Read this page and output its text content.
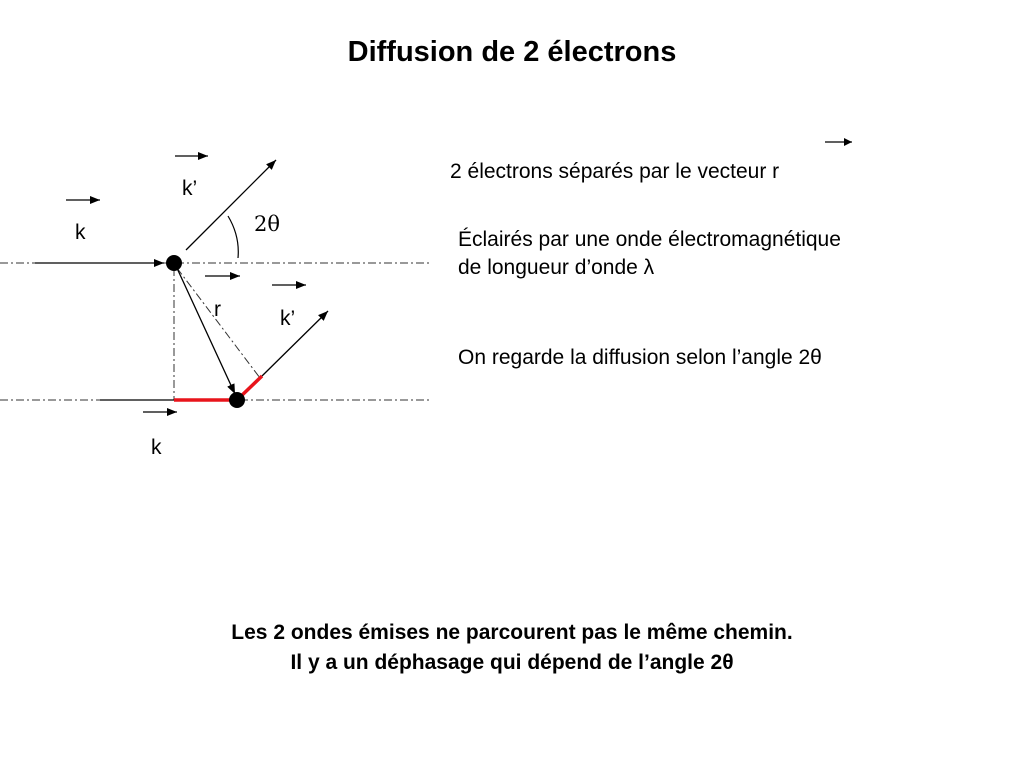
Diffusion de 2 électrons
k
k’
2θ
r	k’
k
2 électrons séparés par le vecteur r
Éclairés par une onde électromagnétique
de longueur d’onde λ
On regarde la diffusion selon l’angle 2θ
Les 2 ondes émises ne parcourent pas le même chemin.
Il y a un déphasage qui dépend de l’angle 2θ
